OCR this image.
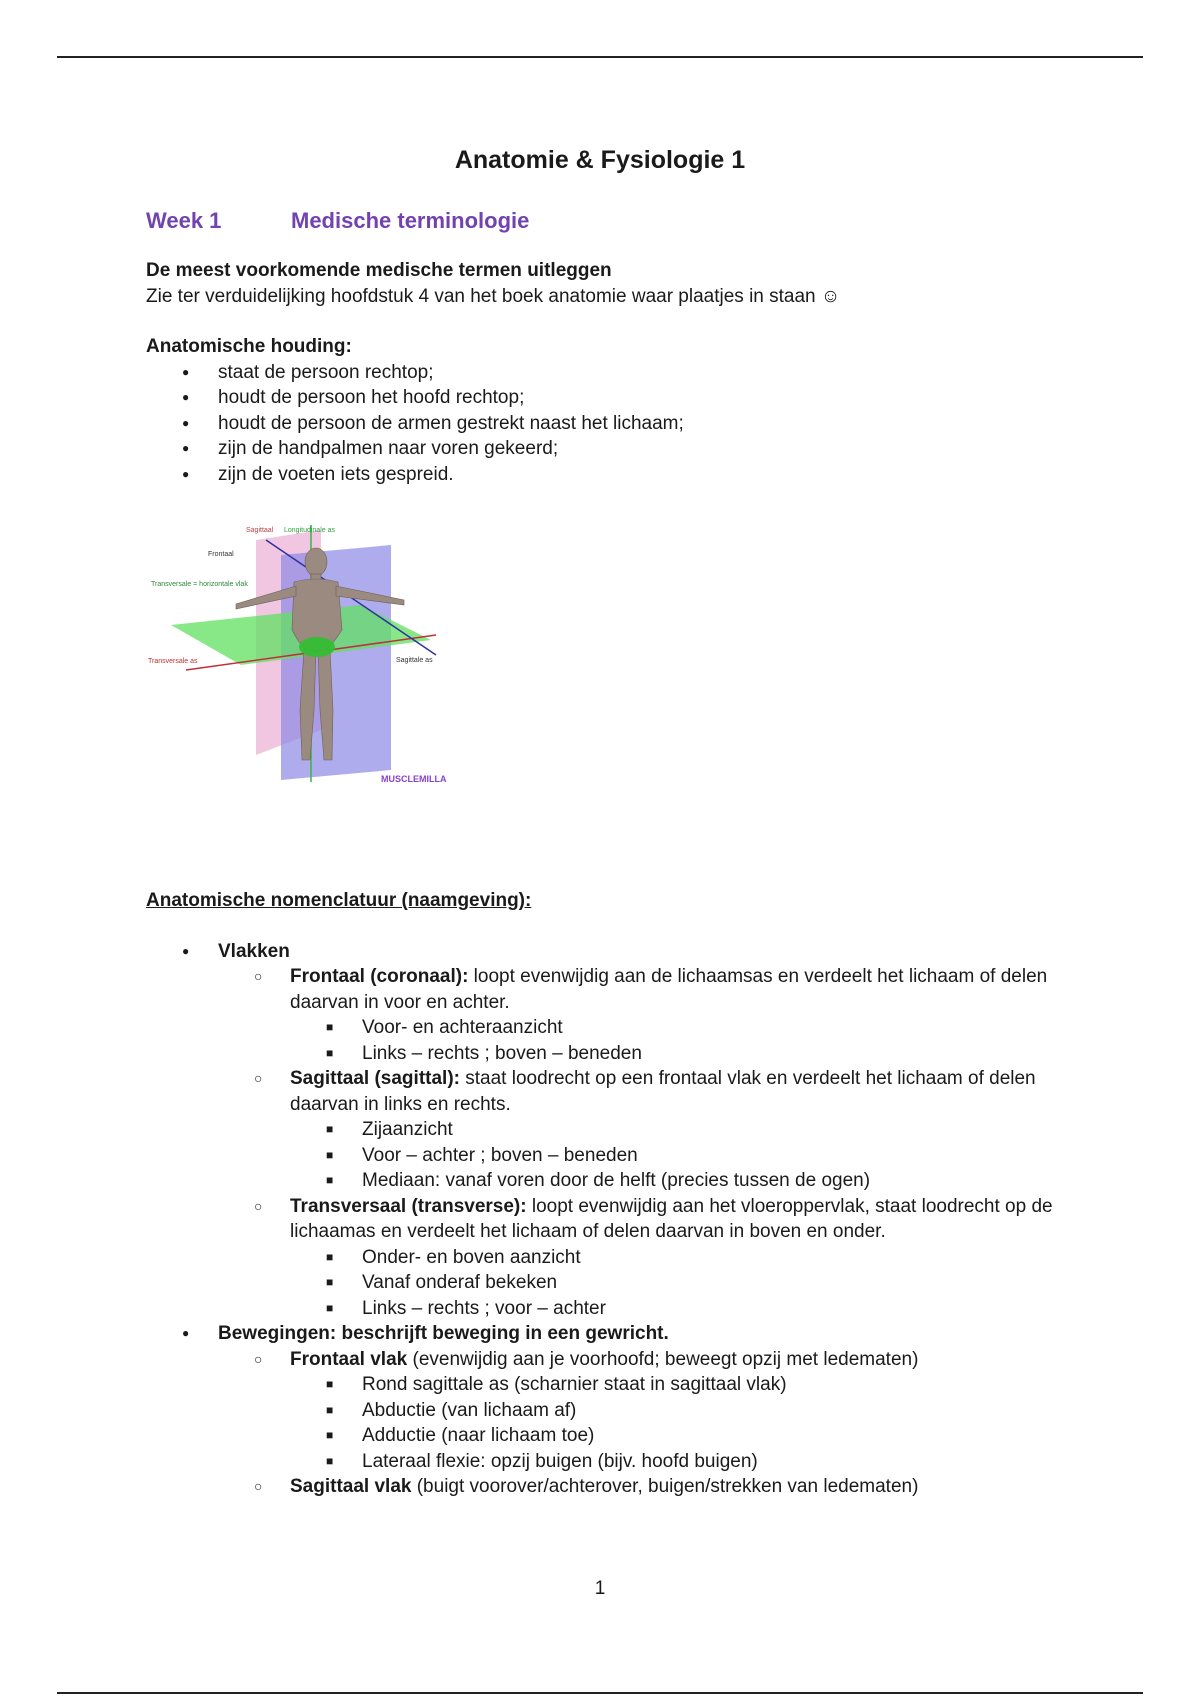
Anatomie & Fysiologie 1
Week 1	Medische terminologie
De meest voorkomende medische termen uitleggen
Zie ter verduidelijking hoofdstuk 4 van het boek anatomie waar plaatjes in staan ☺
Anatomische houding:
● staat de persoon rechtop;
● houdt de persoon het hoofd rechtop;
● houdt de persoon de armen gestrekt naast het lichaam;
● zijn de handpalmen naar voren gekeerd;
● zijn de voeten iets gespreid.
Sagittaal Longitudinale as
Frontaal
Transversale = horizontale vlak
Transversale as	Sagittale as
MUSCLEMILLA
Anatomische nomenclatuur (naamgeving):
● Vlakken
○ Frontaal (coronaal): loopt evenwijdig aan de lichaamsas en verdeelt het lichaam of delen daarvan in voor en achter.
■ Voor- en achteraanzicht
■ Links – rechts ; boven – beneden
○ Sagittaal (sagittal): staat loodrecht op een frontaal vlak en verdeelt het lichaam of delen daarvan in links en rechts.
■ Zijaanzicht
■ Voor – achter ; boven – beneden
■ Mediaan: vanaf voren door de helft (precies tussen de ogen)
○ Transversaal (transverse): loopt evenwijdig aan het vloeroppervlak, staat loodrecht op de lichaamas en verdeelt het lichaam of delen daarvan in boven en onder.
■ Onder- en boven aanzicht
■ Vanaf onderaf bekeken
■ Links – rechts ; voor – achter
● Bewegingen: beschrijft beweging in een gewricht.
○ Frontaal vlak (evenwijdig aan je voorhoofd; beweegt opzij met ledematen)
■ Rond sagittale as (scharnier staat in sagittaal vlak)
■ Abductie (van lichaam af)
■ Adductie (naar lichaam toe)
■ Lateraal flexie: opzij buigen (bijv. hoofd buigen)
○ Sagittaal vlak (buigt voorover/achterover, buigen/strekken van ledematen)
1
